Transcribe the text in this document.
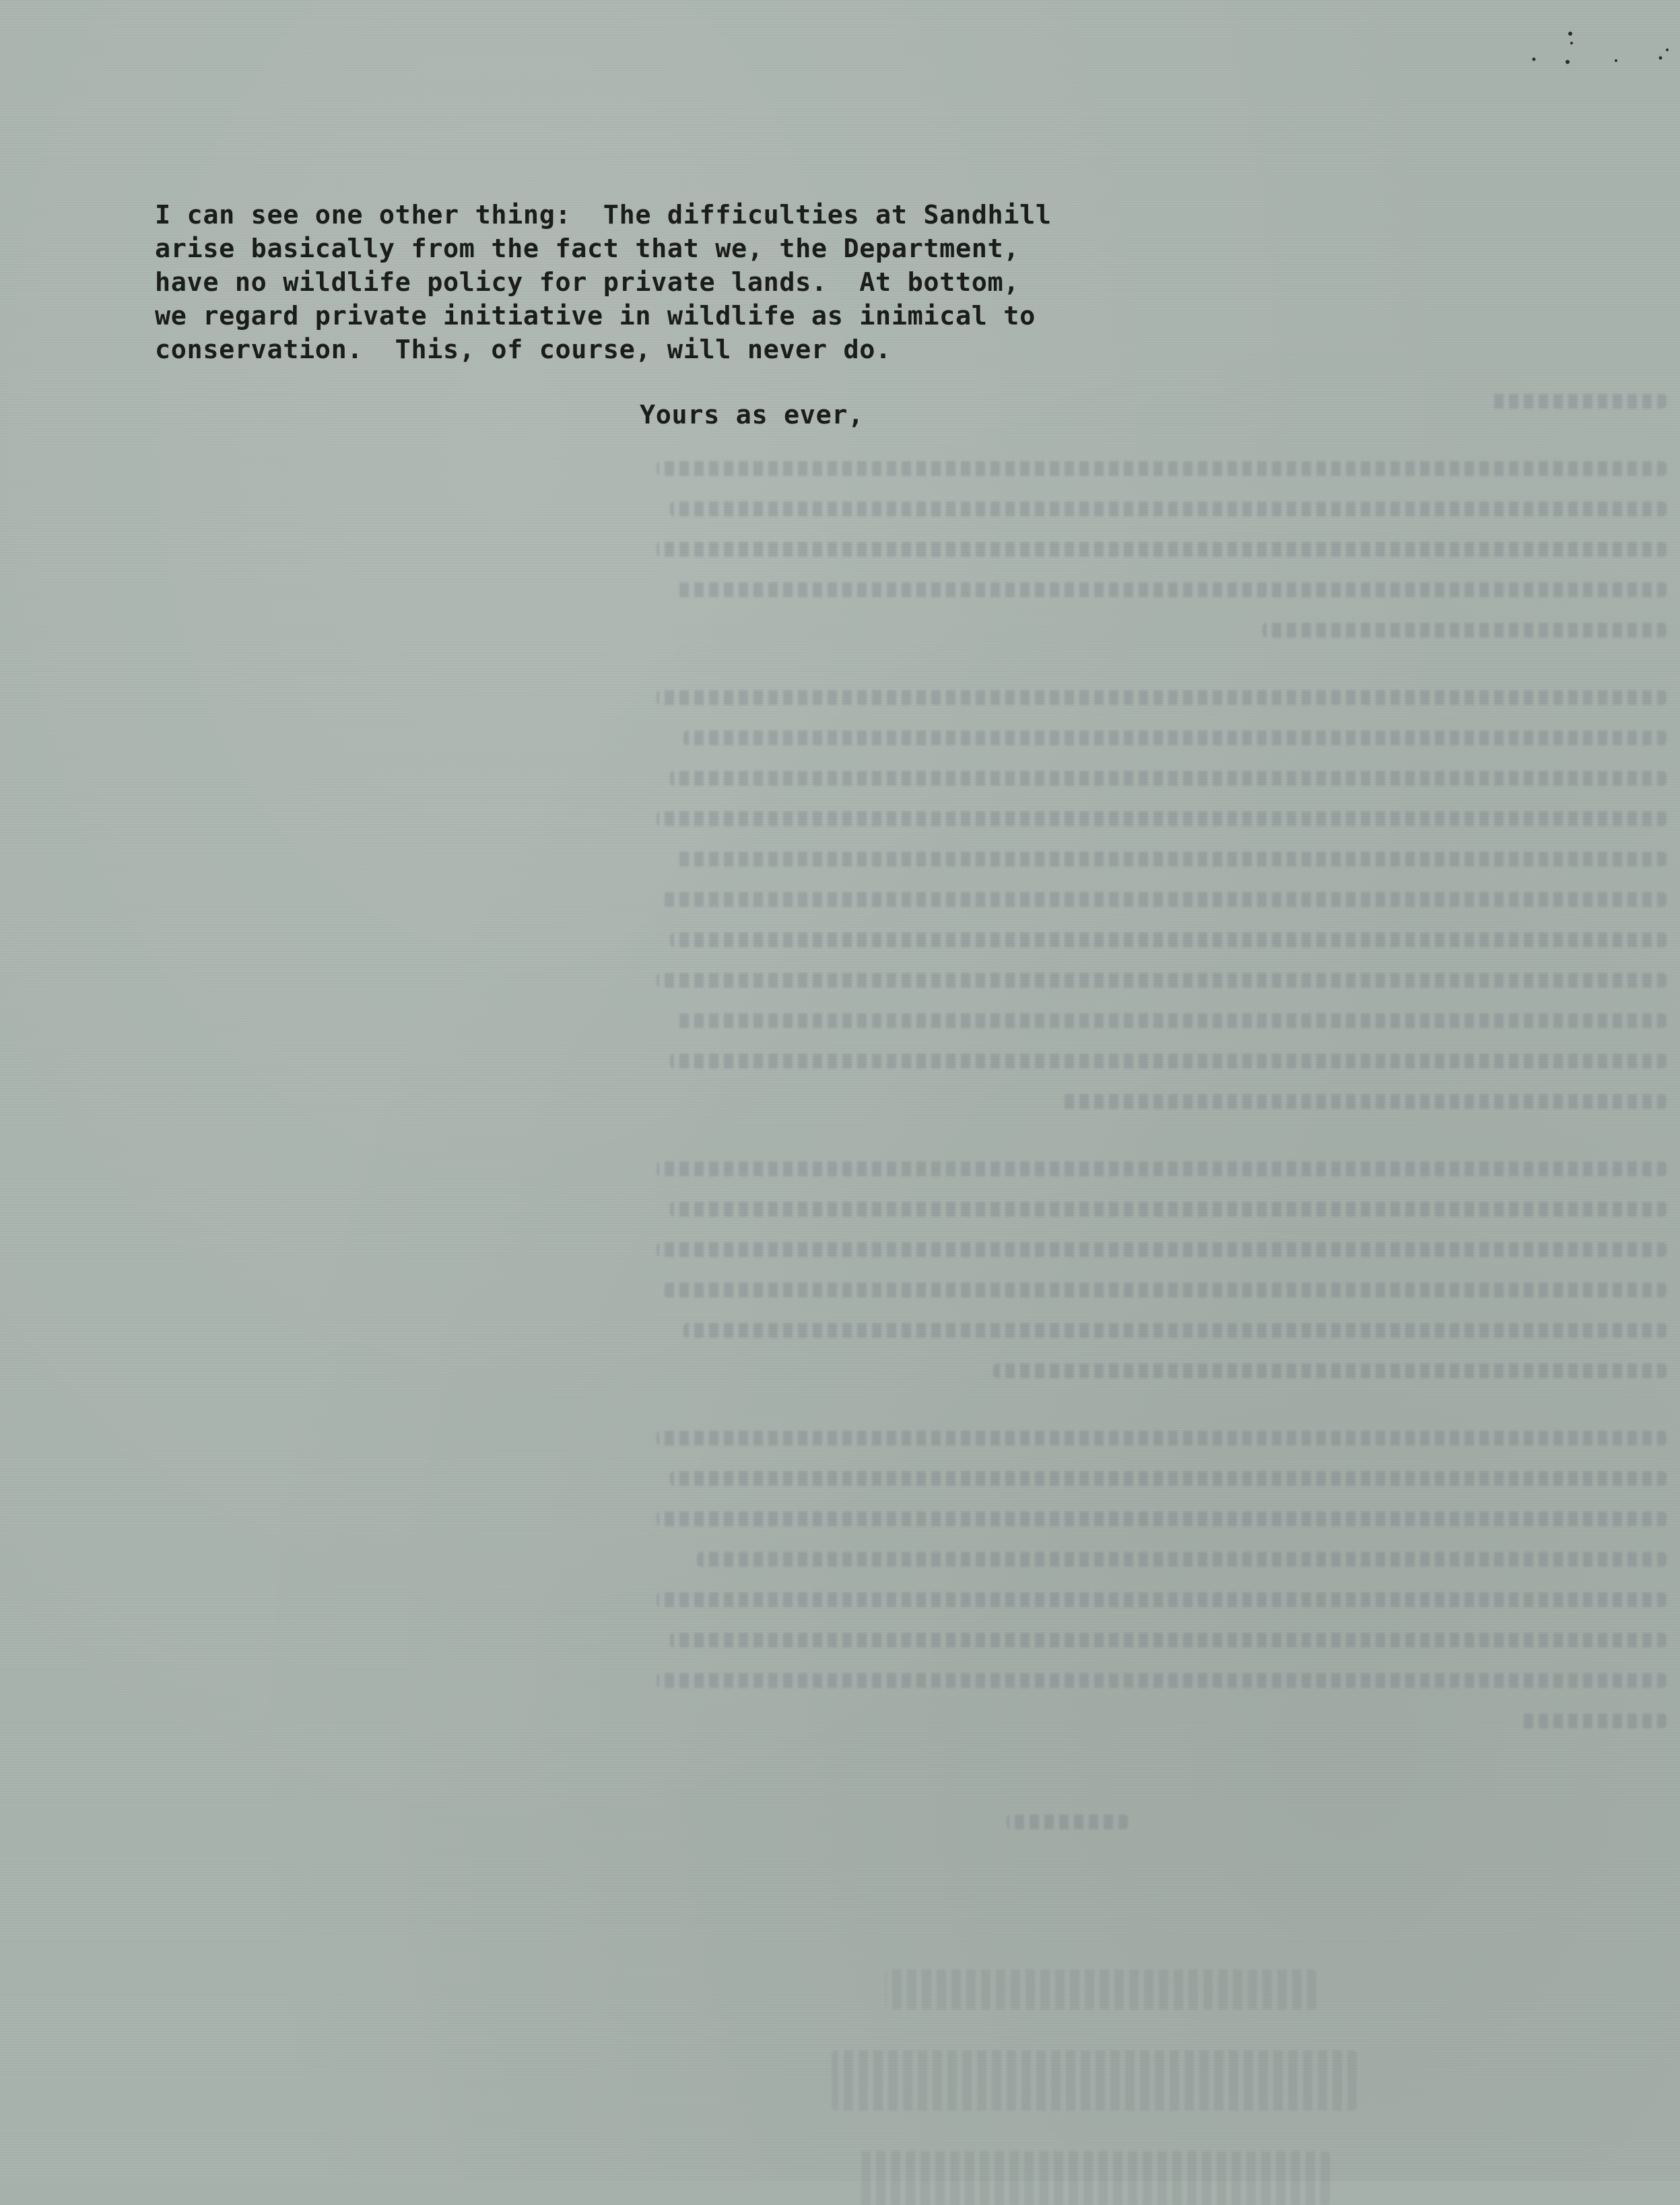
I can see one other thing:  The difficulties at Sandhill
arise basically from the fact that we, the Department,
have no wildlife policy for private lands.  At bottom,
we regard private initiative in wildlife as inimical to
conservation.  This, of course, will never do.

Yours as ever,
